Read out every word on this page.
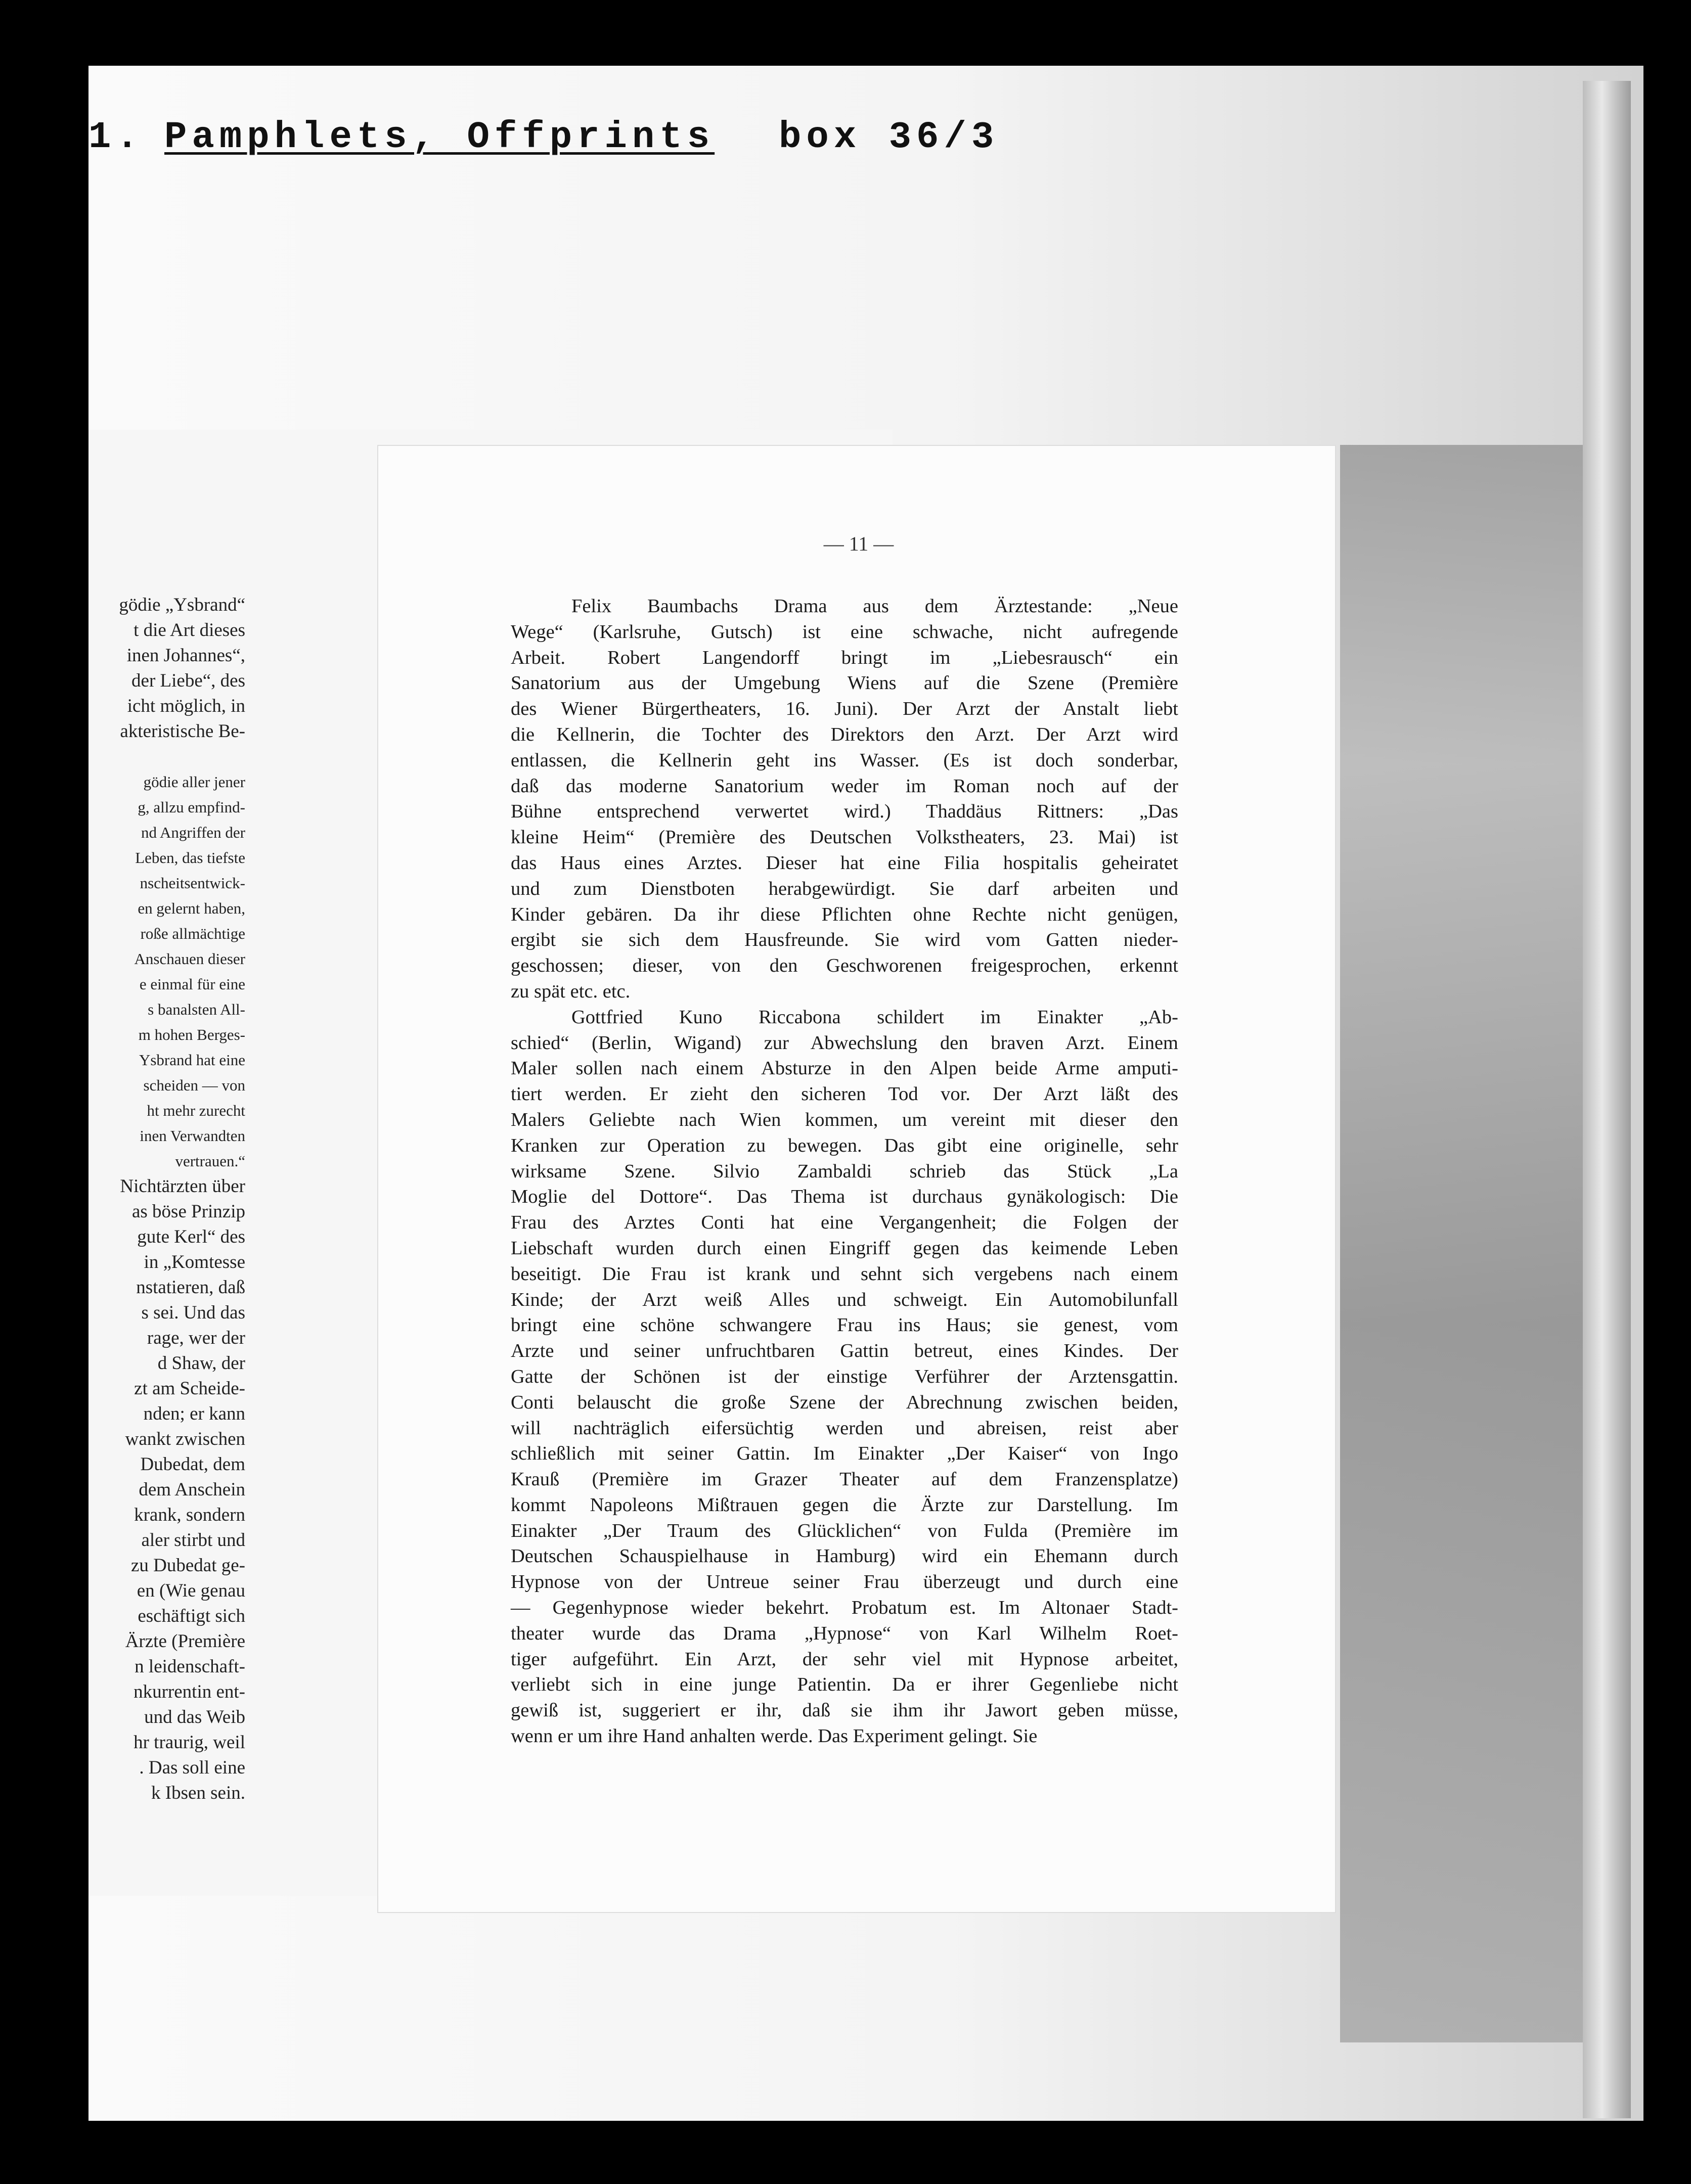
1. Pamphlets, Offprints box 36/3
gödie „Ysbrand“
t die Art dieses
inen Johannes“,
der Liebe“, des
icht möglich, in
akteristische Be-
gödie aller jener
g, allzu empfind-
nd Angriffen der
Leben, das tiefste
nscheitsentwick-
en gelernt haben,
roße allmächtige
Anschauen dieser
e einmal für eine
s banalsten All-
m hohen Berges-
Ysbrand hat eine
scheiden — von
ht mehr zurecht
inen Verwandten
vertrauen.“
Nichtärzten über
as böse Prinzip
gute Kerl“ des
in „Komtesse
nstatieren, daß
s sei. Und das
rage, wer der
d Shaw, der
zt am Scheide-
nden; er kann
wankt zwischen
Dubedat, dem
dem Anschein
krank, sondern
aler stirbt und
zu Dubedat ge-
en (Wie genau
eschäftigt sich
Ärzte (Première
n leidenschaft-
nkurrentin ent-
und das Weib
hr traurig, weil
. Das soll eine
k Ibsen sein.
— 11 —
Felix Baumbachs Drama aus dem Ärztestande: „Neue
Wege“ (Karlsruhe, Gutsch) ist eine schwache, nicht aufregende
Arbeit. Robert Langendorff bringt im „Liebesrausch“ ein
Sanatorium aus der Umgebung Wiens auf die Szene (Première
des Wiener Bürgertheaters, 16. Juni). Der Arzt der Anstalt liebt
die Kellnerin, die Tochter des Direktors den Arzt. Der Arzt wird
entlassen, die Kellnerin geht ins Wasser. (Es ist doch sonderbar,
daß das moderne Sanatorium weder im Roman noch auf der
Bühne entsprechend verwertet wird.) Thaddäus Rittners: „Das
kleine Heim“ (Première des Deutschen Volkstheaters, 23. Mai) ist
das Haus eines Arztes. Dieser hat eine Filia hospitalis geheiratet
und zum Dienstboten herabgewürdigt. Sie darf arbeiten und
Kinder gebären. Da ihr diese Pflichten ohne Rechte nicht genügen,
ergibt sie sich dem Hausfreunde. Sie wird vom Gatten nieder-
geschossen; dieser, von den Geschworenen freigesprochen, erkennt
zu spät etc. etc.
Gottfried Kuno Riccabona schildert im Einakter „Ab-
schied“ (Berlin, Wigand) zur Abwechslung den braven Arzt. Einem
Maler sollen nach einem Absturze in den Alpen beide Arme amputi-
tiert werden. Er zieht den sicheren Tod vor. Der Arzt läßt des
Malers Geliebte nach Wien kommen, um vereint mit dieser den
Kranken zur Operation zu bewegen. Das gibt eine originelle, sehr
wirksame Szene. Silvio Zambaldi schrieb das Stück „La
Moglie del Dottore“. Das Thema ist durchaus gynäkologisch: Die
Frau des Arztes Conti hat eine Vergangenheit; die Folgen der
Liebschaft wurden durch einen Eingriff gegen das keimende Leben
beseitigt. Die Frau ist krank und sehnt sich vergebens nach einem
Kinde; der Arzt weiß Alles und schweigt. Ein Automobilunfall
bringt eine schöne schwangere Frau ins Haus; sie genest, vom
Arzte und seiner unfruchtbaren Gattin betreut, eines Kindes. Der
Gatte der Schönen ist der einstige Verführer der Arztensgattin.
Conti belauscht die große Szene der Abrechnung zwischen beiden,
will nachträglich eifersüchtig werden und abreisen, reist aber
schließlich mit seiner Gattin. Im Einakter „Der Kaiser“ von Ingo
Krauß (Première im Grazer Theater auf dem Franzensplatze)
kommt Napoleons Mißtrauen gegen die Ärzte zur Darstellung. Im
Einakter „Der Traum des Glücklichen“ von Fulda (Première im
Deutschen Schauspielhause in Hamburg) wird ein Ehemann durch
Hypnose von der Untreue seiner Frau überzeugt und durch eine
— Gegenhypnose wieder bekehrt. Probatum est. Im Altonaer Stadt-
theater wurde das Drama „Hypnose“ von Karl Wilhelm Roet-
tiger aufgeführt. Ein Arzt, der sehr viel mit Hypnose arbeitet,
verliebt sich in eine junge Patientin. Da er ihrer Gegenliebe nicht
gewiß ist, suggeriert er ihr, daß sie ihm ihr Jawort geben müsse,
wenn er um ihre Hand anhalten werde. Das Experiment gelingt. Sie
